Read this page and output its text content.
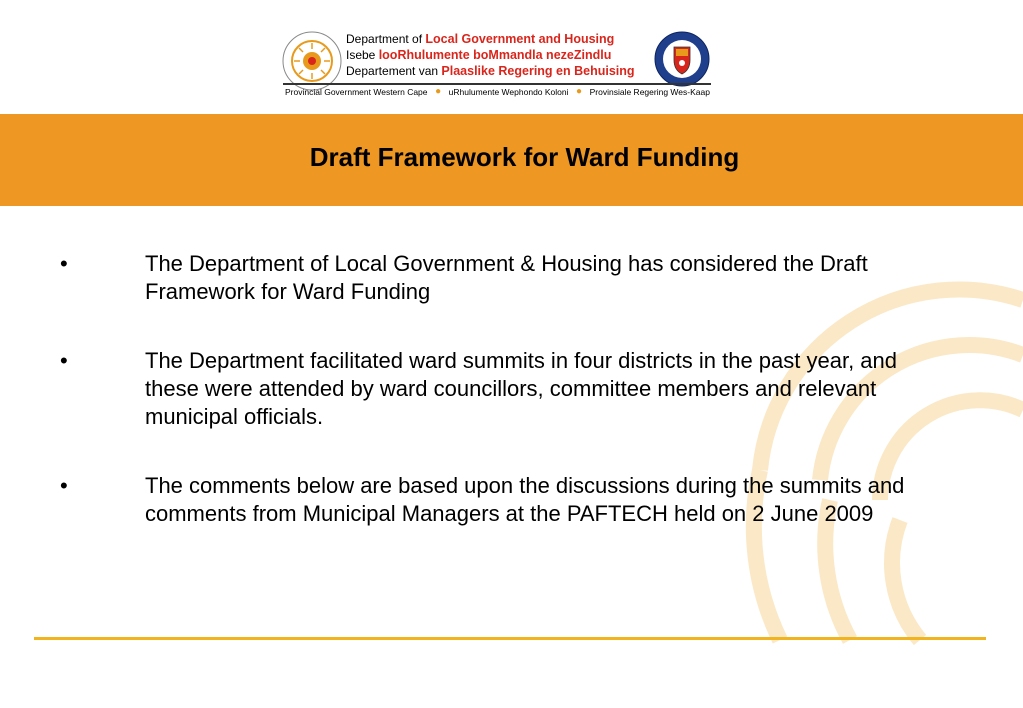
Department of Local Government and Housing
Isebe looRhulumente boMmandla nezeZindlu
Departement van Plaaslike Regering en Behuising
Provincial Government Western Cape ● uRhulumente Wephondo Koloni ● Provinsiale Regering Wes-Kaap
Draft Framework for Ward Funding
•	The Department of Local Government & Housing has considered the Draft Framework for Ward Funding
•	The Department facilitated ward summits in four districts in the past year, and these were attended by ward councillors, committee members and relevant municipal officials.
•	The comments below are based upon the discussions during the summits and comments from Municipal Managers at the PAFTECH held on 2 June 2009
